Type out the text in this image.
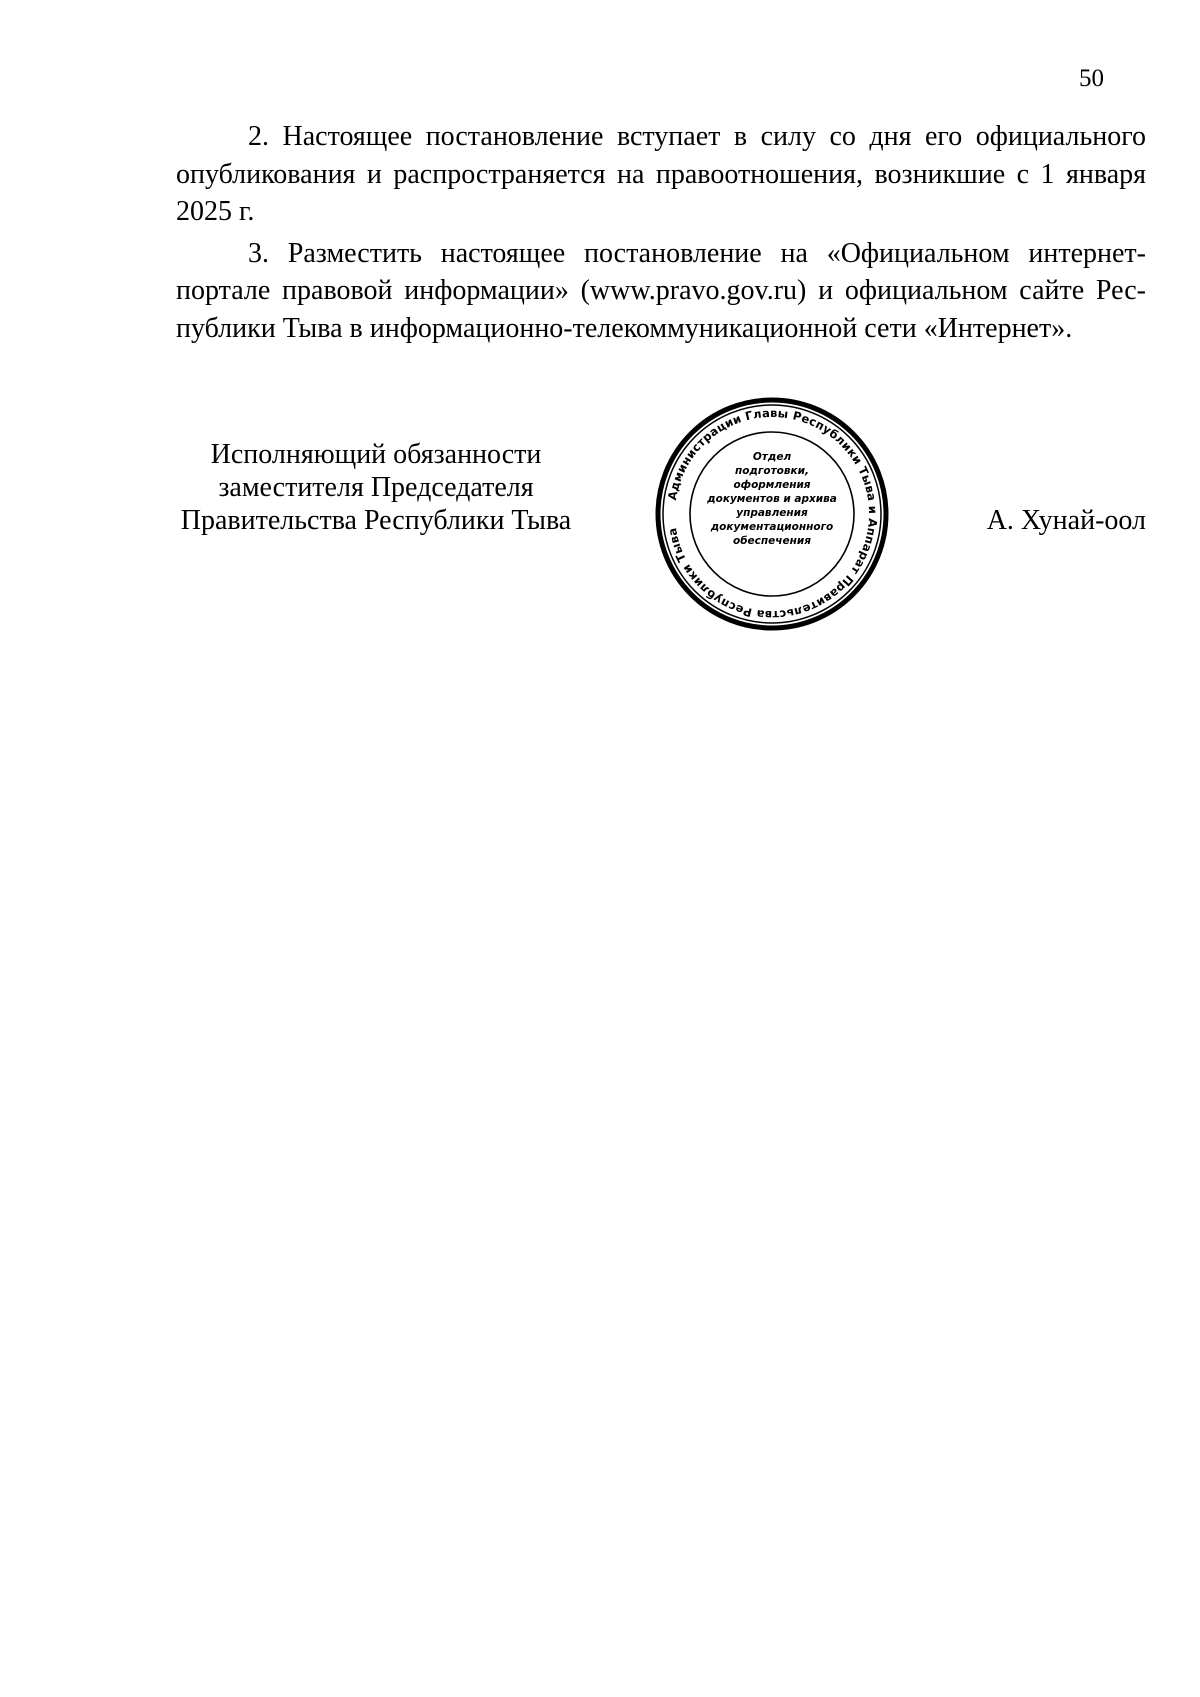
50

2. Настоящее постановление вступает в силу со дня его официального опубликования и распространяется на правоотношения, возникшие с 1 января 2025 г.

3. Разместить настоящее постановление на «Официальном интернет-портале правовой информации» (www.pravo.gov.ru) и официальном сайте Республики Тыва в информационно-телекоммуникационной сети «Интернет».

Исполняющий обязанности
заместителя Председателя
Правительства Республики Тыва
Администрации Главы Республики Тыва и Аппарат Правительства Республики Тыва
Отдел
подготовки,
оформления
документов и архива
управления
документационного
обеспечения
А. Хунай-оол
